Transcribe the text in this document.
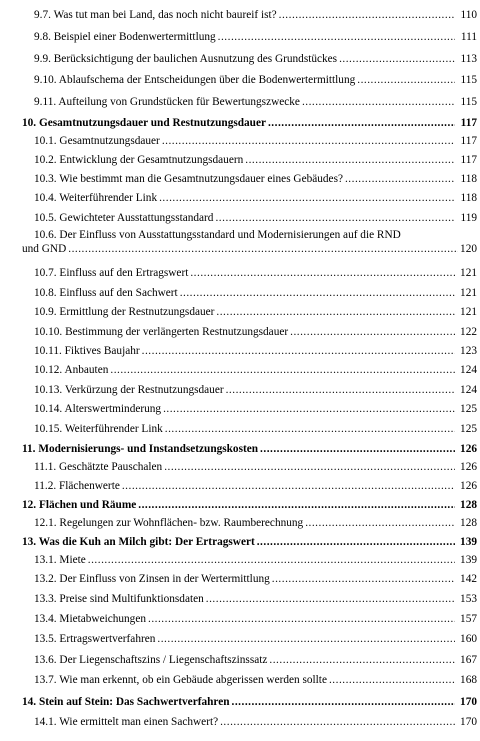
9.7. Was tut man bei Land, das noch nicht baureif ist? .....	110
9.8. Beispiel einer Bodenwertermittlung .....	111
9.9. Berücksichtigung der baulichen Ausnutzung des Grundstückes .....	113
9.10. Ablaufschema der Entscheidungen über die Bodenwertermittlung .....	115
9.11. Aufteilung von Grundstücken für Bewertungszwecke .....	115
10. Gesamtnutzungsdauer und Restnutzungsdauer .....	117
10.1. Gesamtnutzungsdauer .....	117
10.2. Entwicklung der Gesamtnutzungsdauern .....	117
10.3. Wie bestimmt man die Gesamtnutzungsdauer eines Gebäudes? .....	118
10.4. Weiterführender Link .....	118
10.5. Gewichteter Ausstattungsstandard .....	119
10.6. Der Einfluss von Ausstattungsstandard und Modernisierungen auf die RND
und GND .....	120
10.7. Einfluss auf den Ertragswert .....	121
10.8. Einfluss auf den Sachwert .....	121
10.9. Ermittlung der Restnutzungsdauer .....	121
10.10. Bestimmung der verlängerten Restnutzungsdauer .....	122
10.11. Fiktives Baujahr .....	123
10.12. Anbauten .....	124
10.13. Verkürzung der Restnutzungsdauer .....	124
10.14. Alterswertminderung .....	125
10.15. Weiterführender Link .....	125
11. Modernisierungs- und Instandsetzungskosten .....	126
11.1. Geschätzte Pauschalen .....	126
11.2. Flächenwerte .....	126
12. Flächen und Räume .....	128
12.1. Regelungen zur Wohnflächen- bzw. Raumberechnung .....	128
13. Was die Kuh an Milch gibt: Der Ertragswert .....	139
13.1. Miete .....	139
13.2. Der Einfluss von Zinsen in der Wertermittlung .....	142
13.3. Preise sind Multifunktionsdaten .....	153
13.4. Mietabweichungen .....	157
13.5. Ertragswertverfahren .....	160
13.6. Der Liegenschaftszins / Liegenschaftszinssatz .....	167
13.7. Wie man erkennt, ob ein Gebäude abgerissen werden sollte .....	168
14. Stein auf Stein: Das Sachwertverfahren .....	170
14.1. Wie ermittelt man einen Sachwert? .....	170
